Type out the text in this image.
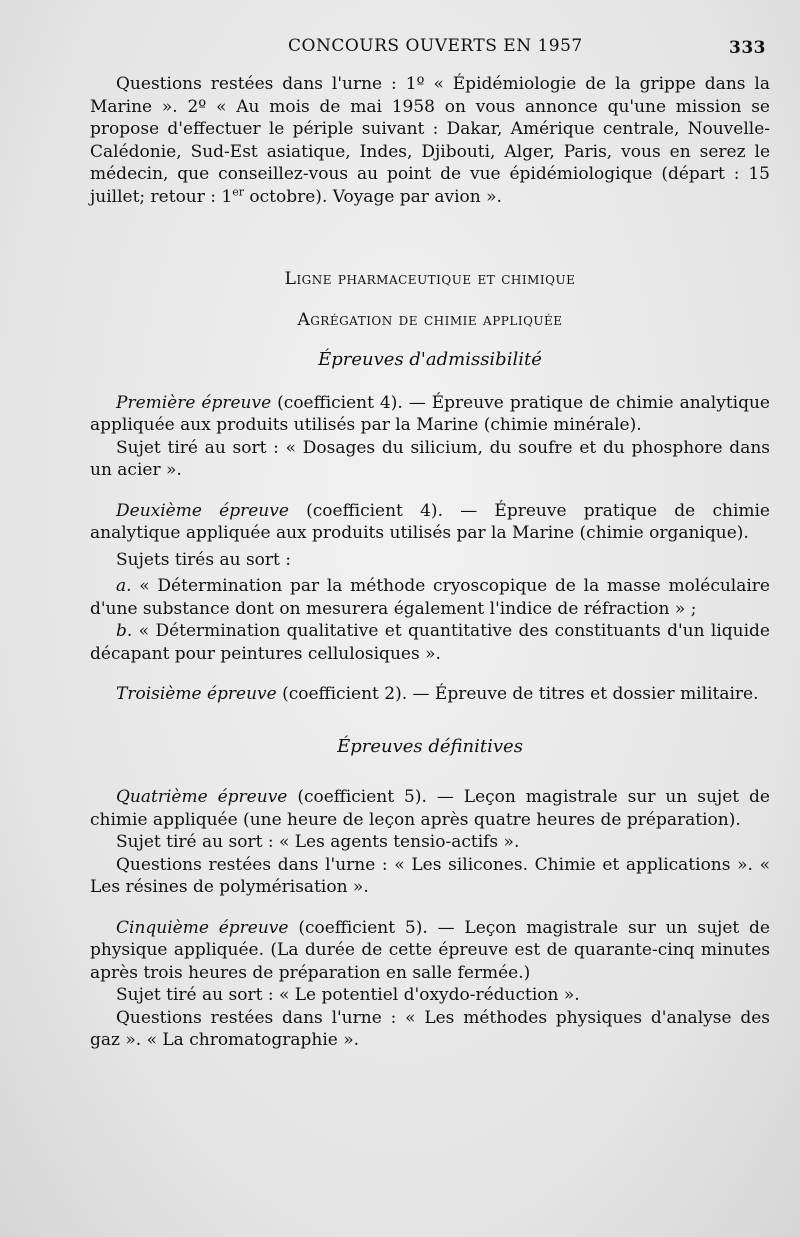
CONCOURS OUVERTS EN 1957	333

Questions restées dans l'urne : 1º « Épidémiologie de la grippe dans la Marine ». 2º « Au mois de mai 1958 on vous annonce qu'une mission se propose d'effectuer le périple suivant : Dakar, Amérique centrale, Nouvelle-Calédonie, Sud-Est asiatique, Indes, Djibouti, Alger, Paris, vous en serez le médecin, que conseillez-vous au point de vue épidémiologique (départ : 15 juillet; retour : 1er octobre). Voyage par avion ».

Ligne pharmaceutique et chimique

Agrégation de chimie appliquée

Épreuves d'admissibilité

Première épreuve (coefficient 4). — Épreuve pratique de chimie analytique appliquée aux produits utilisés par la Marine (chimie minérale).

Sujet tiré au sort : « Dosages du silicium, du soufre et du phosphore dans un acier ».

Deuxième épreuve (coefficient 4). — Épreuve pratique de chimie analytique appliquée aux produits utilisés par la Marine (chimie organique).

Sujets tirés au sort :

a. « Détermination par la méthode cryoscopique de la masse moléculaire d'une substance dont on mesurera également l'indice de réfraction » ;

b. « Détermination qualitative et quantitative des constituants d'un liquide décapant pour peintures cellulosiques ».

Troisième épreuve (coefficient 2). — Épreuve de titres et dossier militaire.

Épreuves définitives

Quatrième épreuve (coefficient 5). — Leçon magistrale sur un sujet de chimie appliquée (une heure de leçon après quatre heures de préparation).

Sujet tiré au sort : « Les agents tensio-actifs ».

Questions restées dans l'urne : « Les silicones. Chimie et applications ». « Les résines de polymérisation ».

Cinquième épreuve (coefficient 5). — Leçon magistrale sur un sujet de physique appliquée. (La durée de cette épreuve est de quarante-cinq minutes après trois heures de préparation en salle fermée.)

Sujet tiré au sort : « Le potentiel d'oxydo-réduction ».

Questions restées dans l'urne : « Les méthodes physiques d'analyse des gaz ». « La chromatographie ».
